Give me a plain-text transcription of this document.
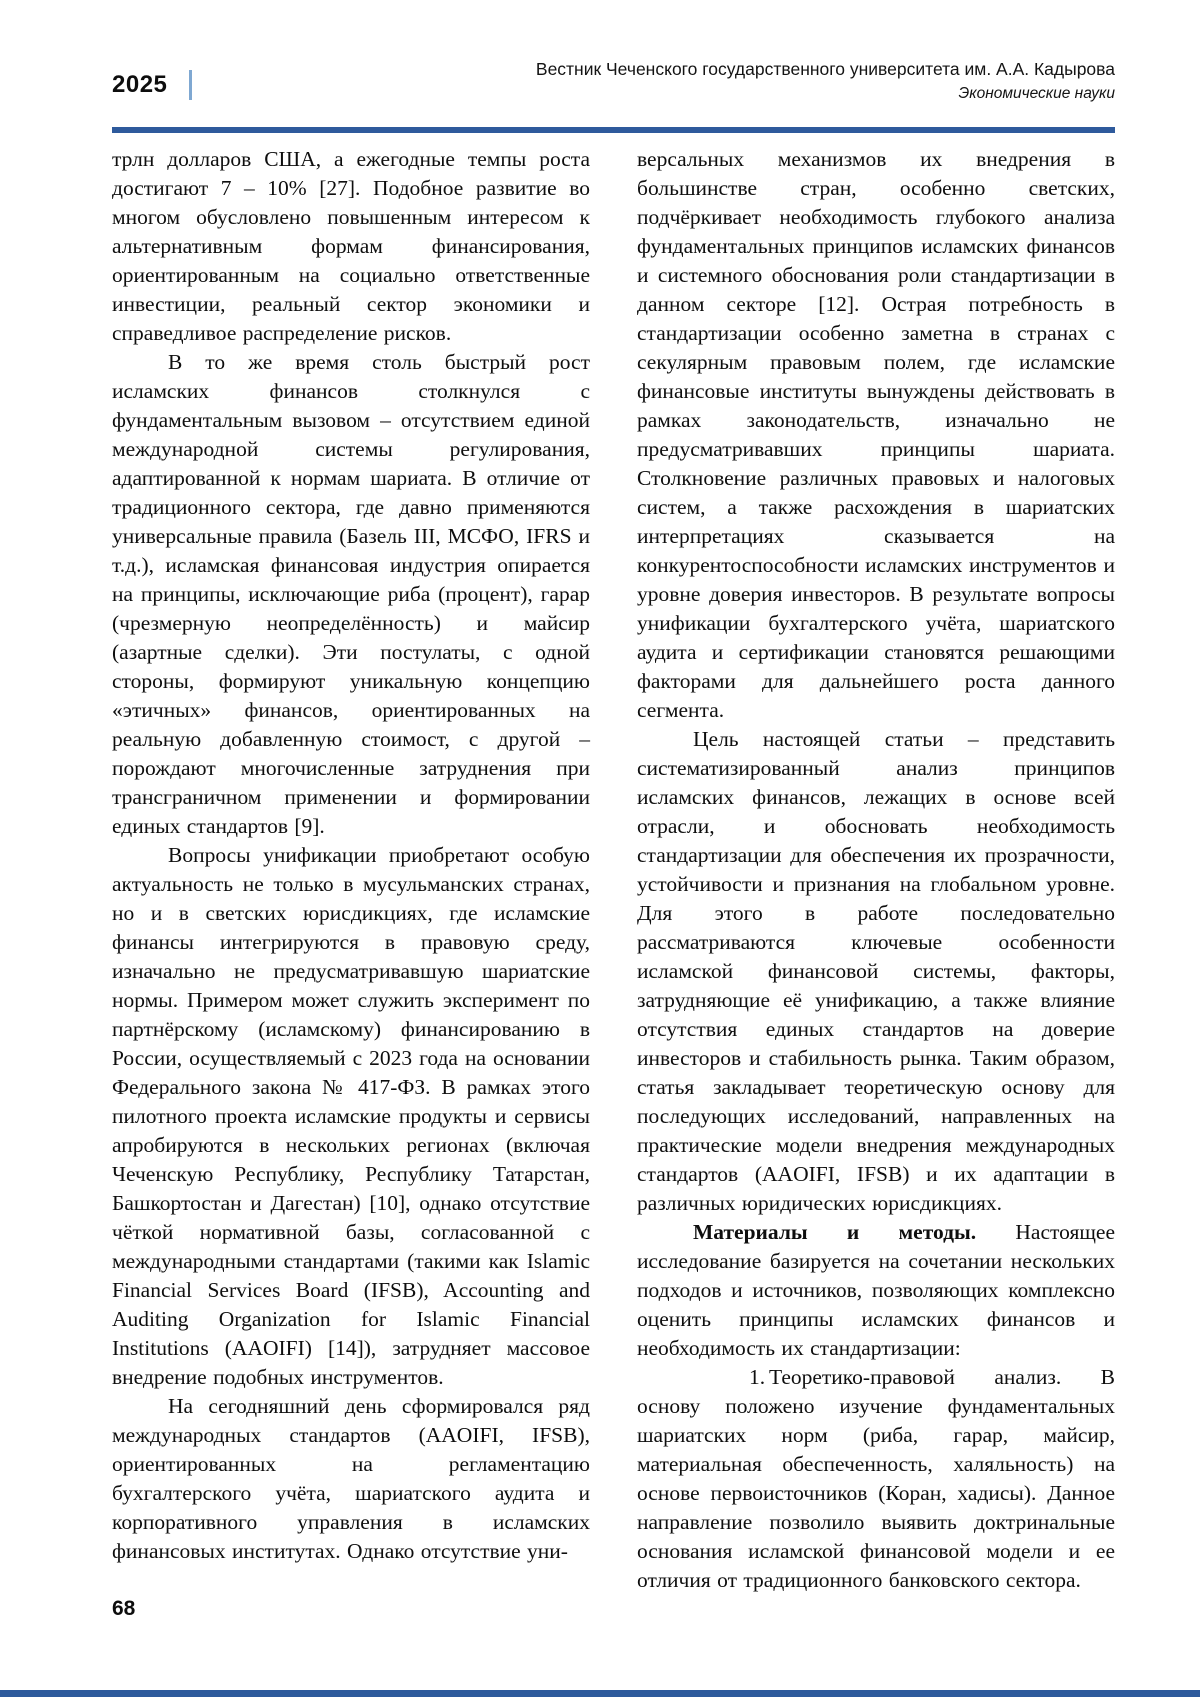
2025
Вестник Чеченского государственного университета им. А.А. Кадырова
Экономические науки

трлн долларов США, а ежегодные темпы роста достигают 7 – 10% [27]. Подобное развитие во многом обусловлено повышенным интересом к альтернативным формам финансирования, ориентированным на социально ответственные инвестиции, реальный сектор экономики и справедливое распределение рисков.

В то же время столь быстрый рост исламских финансов столкнулся с фундаментальным вызовом – отсутствием единой международной системы регулирования, адаптированной к нормам шариата. В отличие от традиционного сектора, где давно применяются универсальные правила (Базель III, МСФО, IFRS и т.д.), исламская финансовая индустрия опирается на принципы, исключающие риба (процент), гарар (чрезмерную неопределённость) и майсир (азартные сделки). Эти постулаты, с одной стороны, формируют уникальную концепцию «этичных» финансов, ориентированных на реальную добавленную стоимост, с другой – порождают многочисленные затруднения при трансграничном применении и формировании единых стандартов [9].

Вопросы унификации приобретают особую актуальность не только в мусульманских странах, но и в светских юрисдикциях, где исламские финансы интегрируются в правовую среду, изначально не предусматривавшую шариатские нормы. Примером может служить эксперимент по партнёрскому (исламскому) финансированию в России, осуществляемый с 2023 года на основании Федерального закона № 417-ФЗ. В рамках этого пилотного проекта исламские продукты и сервисы апробируются в нескольких регионах (включая Чеченскую Республику, Республику Татарстан, Башкортостан и Дагестан) [10], однако отсутствие чёткой нормативной базы, согласованной с международными стандартами (такими как Islamic Financial Services Board (IFSB), Accounting and Auditing Organization for Islamic Financial Institutions (AAOIFI) [14]), затрудняет массовое внедрение подобных инструментов.

На сегодняшний день сформировался ряд международных стандартов (AAOIFI, IFSB), ориентированных на регламентацию бухгалтерского учёта, шариатского аудита и корпоративного управления в исламских финансовых институтах. Однако отсутствие уни-

версальных механизмов их внедрения в большинстве стран, особенно светских, подчёркивает необходимость глубокого анализа фундаментальных принципов исламских финансов и системного обоснования роли стандартизации в данном секторе [12]. Острая потребность в стандартизации особенно заметна в странах с секулярным правовым полем, где исламские финансовые институты вынуждены действовать в рамках законодательств, изначально не предусматривавших принципы шариата. Столкновение различных правовых и налоговых систем, а также расхождения в шариатских интерпретациях сказывается на конкурентоспособности исламских инструментов и уровне доверия инвесторов. В результате вопросы унификации бухгалтерского учёта, шариатского аудита и сертификации становятся решающими факторами для дальнейшего роста данного сегмента.

Цель настоящей статьи – представить систематизированный анализ принципов исламских финансов, лежащих в основе всей отрасли, и обосновать необходимость стандартизации для обеспечения их прозрачности, устойчивости и признания на глобальном уровне. Для этого в работе последовательно рассматриваются ключевые особенности исламской финансовой системы, факторы, затрудняющие её унификацию, а также влияние отсутствия единых стандартов на доверие инвесторов и стабильность рынка. Таким образом, статья закладывает теоретическую основу для последующих исследований, направленных на практические модели внедрения международных стандартов (AAOIFI, IFSB) и их адаптации в различных юридических юрисдикциях.

Материалы и методы. Настоящее исследование базируется на сочетании нескольких подходов и источников, позволяющих комплексно оценить принципы исламских финансов и необходимость их стандартизации:

1. Теоретико-правовой анализ. В основу положено изучение фундаментальных шариатских норм (риба, гарар, майсир, материальная обеспеченность, халяльность) на основе первоисточников (Коран, хадисы). Данное направление позволило выявить доктринальные основания исламской финансовой модели и ее отличия от традиционного банковского сектора.

68
